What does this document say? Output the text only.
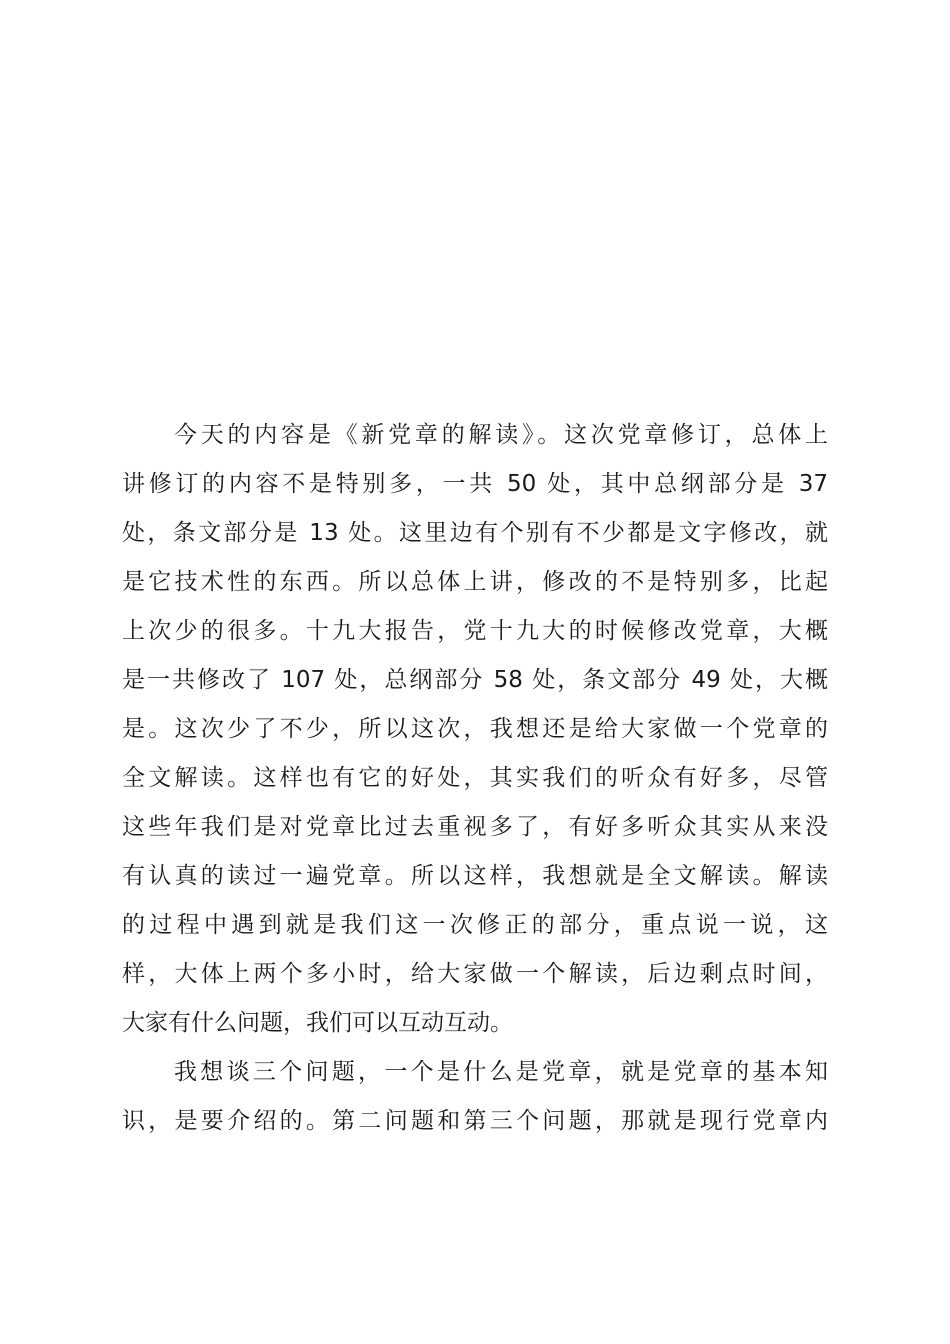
今天的内容是《新党章的解读》。这次党章修订，总体上
讲修订的内容不是特别多，一共 50 处，其中总纲部分是 37
处，条文部分是 13 处。这里边有个别有不少都是文字修改，就
是它技术性的东西。所以总体上讲，修改的不是特别多，比起
上次少的很多。十九大报告，党十九大的时候修改党章，大概
是一共修改了 107 处，总纲部分 58 处，条文部分 49 处，大概
是。这次少了不少，所以这次，我想还是给大家做一个党章的
全文解读。这样也有它的好处，其实我们的听众有好多，尽管
这些年我们是对党章比过去重视多了，有好多听众其实从来没
有认真的读过一遍党章。所以这样，我想就是全文解读。解读
的过程中遇到就是我们这一次修正的部分，重点说一说，这
样，大体上两个多小时，给大家做一个解读，后边剩点时间，
大家有什么问题，我们可以互动互动。
我想谈三个问题，一个是什么是党章，就是党章的基本知
识，是要介绍的。第二问题和第三个问题，那就是现行党章内
